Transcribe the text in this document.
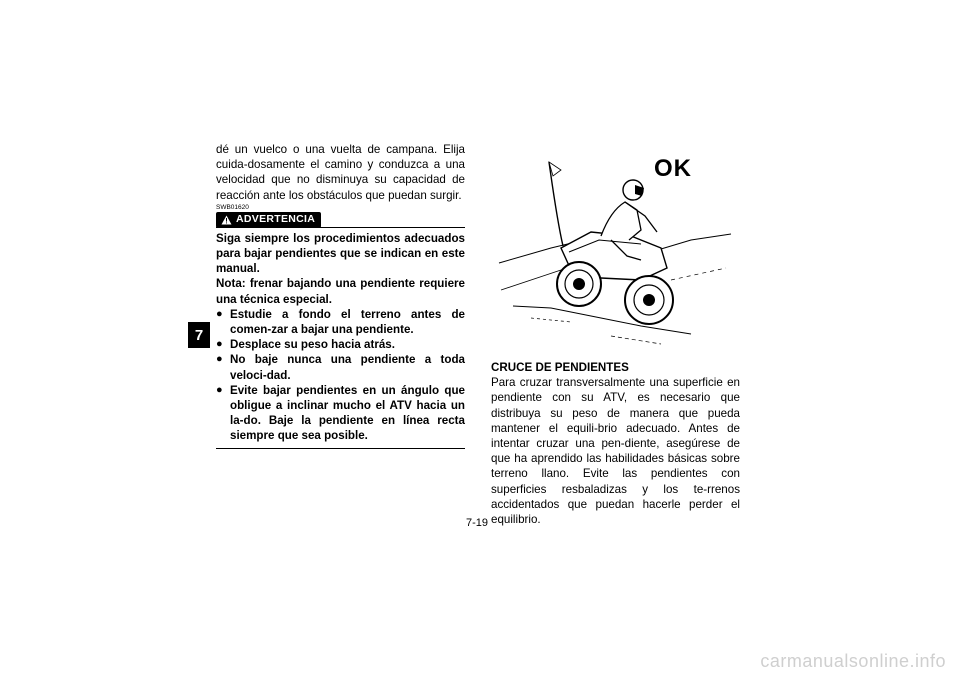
7
dé un vuelco o una vuelta de campana. Elija cuida-dosamente el camino y conduzca a una velocidad que no disminuya su capacidad de reacción ante los obstáculos que puedan surgir.
SWB01620
ADVERTENCIA
Siga siempre los procedimientos adecuados para bajar pendientes que se indican en este manual.
Nota: frenar bajando una pendiente requiere una técnica especial.
● Estudie a fondo el terreno antes de comen-zar a bajar una pendiente.
● Desplace su peso hacia atrás.
● No baje nunca una pendiente a toda veloci-dad.
● Evite bajar pendientes en un ángulo que obligue a inclinar mucho el ATV hacia un la-do. Baje la pendiente en línea recta siempre que sea posible.
OK
CRUCE DE PENDIENTES
Para cruzar transversalmente una superficie en pendiente con su ATV, es necesario que distribuya su peso de manera que pueda mantener el equili-brio adecuado. Antes de intentar cruzar una pen-diente, asegúrese de que ha aprendido las habilidades básicas sobre terreno llano. Evite las pendientes con superficies resbaladizas y los te-rrenos accidentados que puedan hacerle perder el equilibrio.
7-19
carmanualsonline.info
